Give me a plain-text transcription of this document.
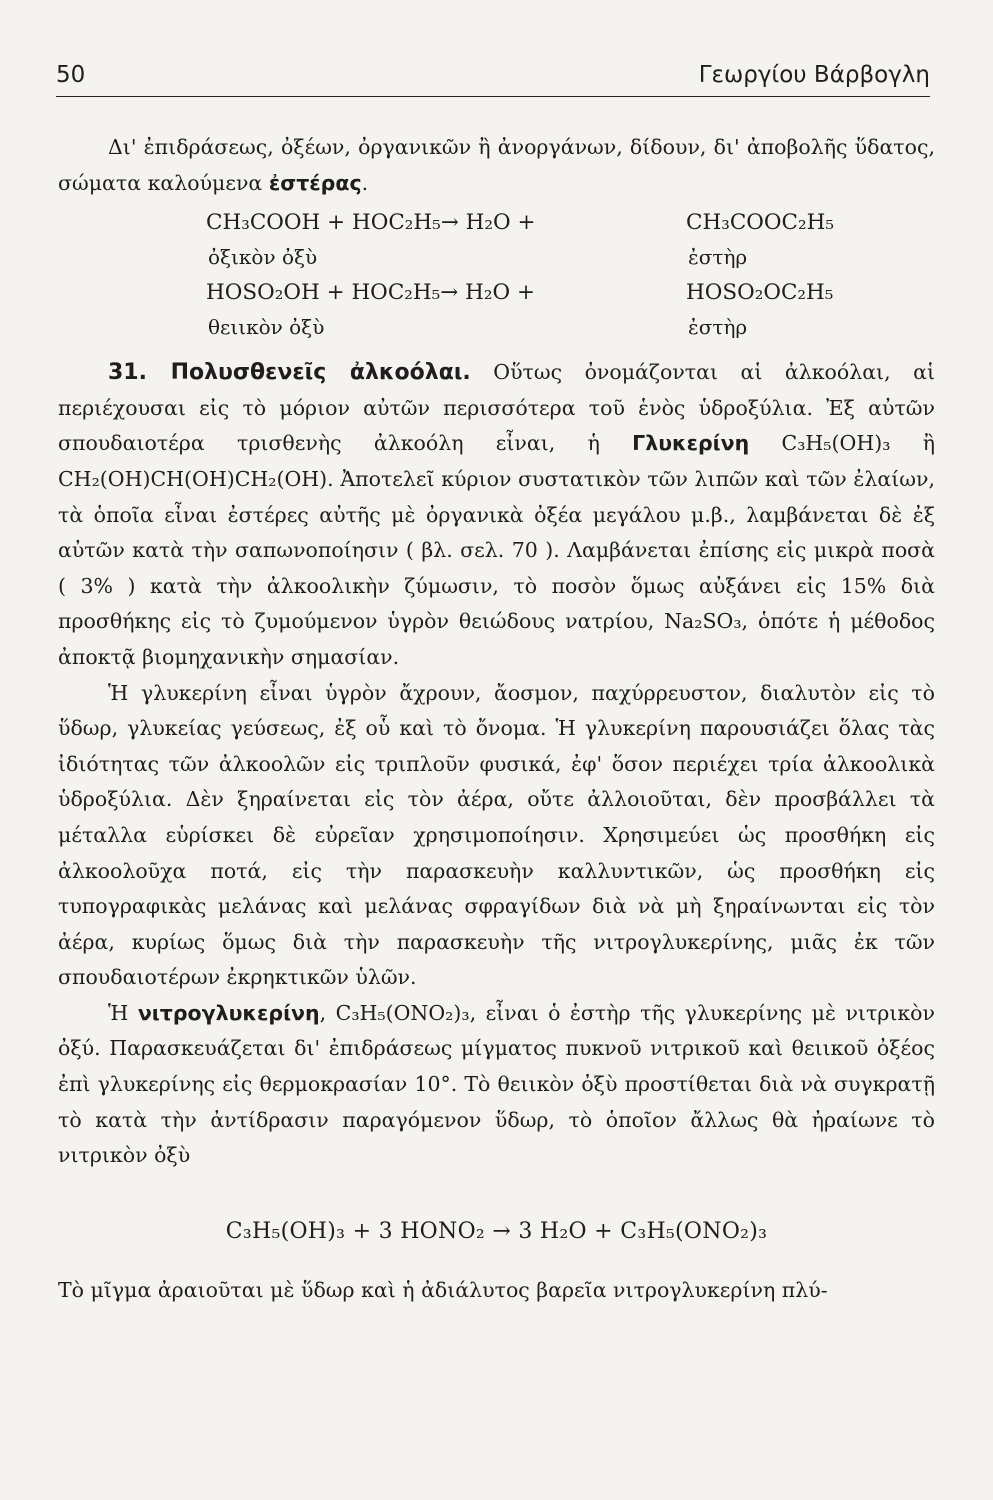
50	Γεωργίου Βάρβογλη

Δι' ἐπιδράσεως, ὀξέων, ὀργανικῶν ἢ ἀνοργάνων, δίδουν, δι' ἀποβολῆς ὕδατος, σώματα καλούμενα ἐστέρας.

CH₃COOH + HOC₂H₅→ H₂O +	CH₃COOC₂H₅
ὀξικὸν ὀξὺ	ἐστὴρ
HOSO₂OH + HOC₂H₅→ H₂O +	HOSO₂OC₂H₅
θειικὸν ὀξὺ	ἐστὴρ

31. Πολυσθενεῖς ἀλκοόλαι. Οὕτως ὀνομάζονται αἱ ἀλκοόλαι, αἱ περιέχουσαι εἰς τὸ μόριον αὐτῶν περισσότερα τοῦ ἑνὸς ὑδροξύλια. Ἐξ αὐτῶν σπουδαιοτέρα τρισθενὴς ἀλκοόλη εἶναι, ἡ Γλυκερίνη C₃H₅(OH)₃ ἢ CH₂(OH)CH(OH)CH₂(OH). Ἀποτελεῖ κύριον συστατικὸν τῶν λιπῶν καὶ τῶν ἐλαίων, τὰ ὁποῖα εἶναι ἐστέρες αὐτῆς μὲ ὀργανικὰ ὀξέα μεγάλου μ.β., λαμβάνεται δὲ ἐξ αὐτῶν κατὰ τὴν σαπωνοποίησιν ( βλ. σελ. 70 ). Λαμβάνεται ἐπίσης εἰς μικρὰ ποσὰ ( 3% ) κατὰ τὴν ἀλκοολικὴν ζύμωσιν, τὸ ποσὸν ὅμως αὐξάνει εἰς 15% διὰ προσθήκης εἰς τὸ ζυμούμενον ὑγρὸν θειώδους νατρίου, Na₂SO₃, ὁπότε ἡ μέθοδος ἀποκτᾷ βιομηχανικὴν σημασίαν.

Ἡ γλυκερίνη εἶναι ὑγρὸν ἄχρουν, ἄοσμον, παχύρρευστον, διαλυτὸν εἰς τὸ ὕδωρ, γλυκείας γεύσεως, ἐξ οὗ καὶ τὸ ὄνομα. Ἡ γλυκερίνη παρουσιάζει ὅλας τὰς ἰδιότητας τῶν ἀλκοολῶν εἰς τριπλοῦν φυσικά, ἐφ' ὅσον περιέχει τρία ἀλκοολικὰ ὑδροξύλια. Δὲν ξηραίνεται εἰς τὸν ἀέρα, οὔτε ἀλλοιοῦται, δὲν προσβάλλει τὰ μέταλλα εὑρίσκει δὲ εὐρεῖαν χρησιμοποίησιν. Χρησιμεύει ὡς προσθήκη εἰς ἀλκοολοῦχα ποτά, εἰς τὴν παρασκευὴν καλλυντικῶν, ὡς προσθήκη εἰς τυπογραφικὰς μελάνας καὶ μελάνας σφραγίδων διὰ νὰ μὴ ξηραίνωνται εἰς τὸν ἀέρα, κυρίως ὅμως διὰ τὴν παρασκευὴν τῆς νιτρογλυκερίνης, μιᾶς ἐκ τῶν σπουδαιοτέρων ἐκρηκτικῶν ὑλῶν.

Ἡ νιτρογλυκερίνη, C₃H₅(ONO₂)₃, εἶναι ὁ ἐστὴρ τῆς γλυκερίνης μὲ νιτρικὸν ὀξύ. Παρασκευάζεται δι' ἐπιδράσεως μίγματος πυκνοῦ νιτρικοῦ καὶ θειικοῦ ὀξέος ἐπὶ γλυκερίνης εἰς θερμοκρασίαν 10°. Τὸ θειικὸν ὀξὺ προστίθεται διὰ νὰ συγκρατῇ τὸ κατὰ τὴν ἀντίδρασιν παραγόμενον ὕδωρ, τὸ ὁποῖον ἄλλως θὰ ἠραίωνε τὸ νιτρικὸν ὀξὺ

C₃H₅(OH)₃ + 3 HONO₂ → 3 H₂O + C₃H₅(ONO₂)₃

Τὸ μῖγμα ἀραιοῦται μὲ ὕδωρ καὶ ἡ ἀδιάλυτος βαρεῖα νιτρογλυκερίνη πλύ-
